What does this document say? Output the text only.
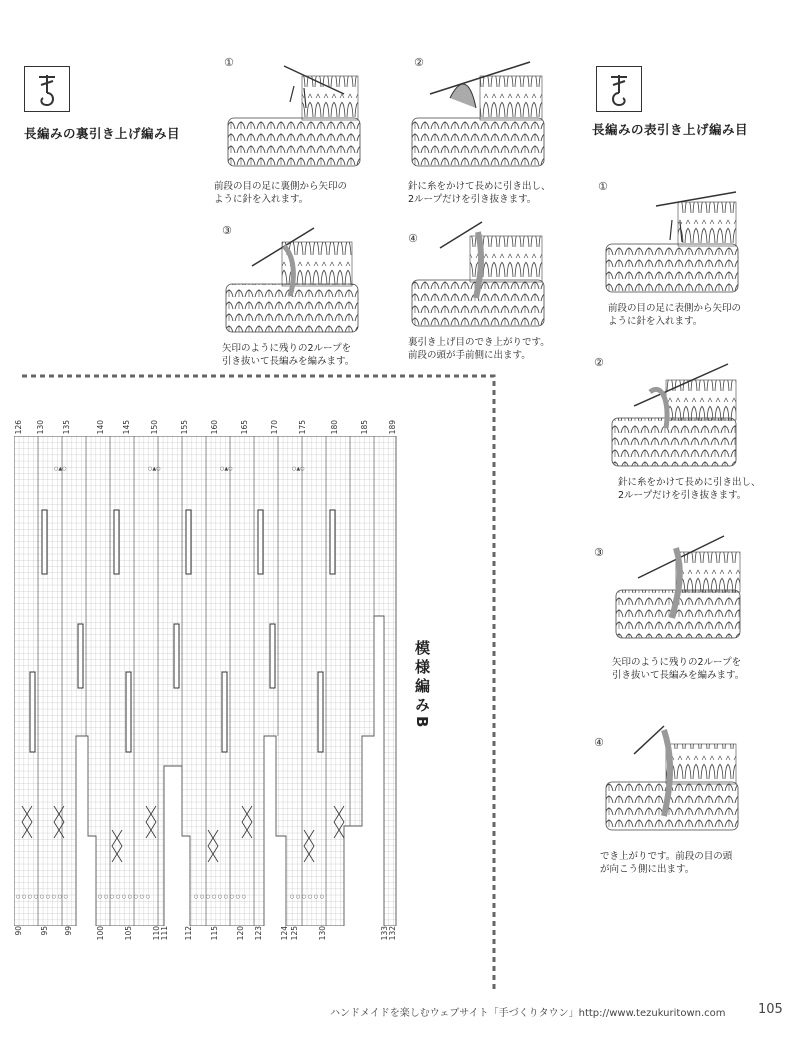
長編みの裏引き上げ編み目	長編みの表引き上げ編み目
①
前段の目の足に裏側から矢印の
ように針を入れます。
②
針に糸をかけて長めに引き出し、
2ループだけを引き抜きます。
③
矢印のように残りの2ループを
引き抜いて長編みを編みます。
④
裏引き上げ目のでき上がりです。
前段の頭が手前側に出ます。
①
前段の目の足に表側から矢印の
ように針を入れます。
②
針に糸をかけて長めに引き出し、
2ループだけを引き抜きます。
③
矢印のように残りの2ループを
引き抜いて長編みを編みます。
④
でき上がりです。前段の目の頭
が向こう側に出ます。
126 130 135	140 145	150	155	160	165	170	175	180	185	189
90 95 99	100	105	110 111 112 115 120 123 124 125	130	133 132
○▲○	○▲○	○▲○	○▲○
○ ○ ○ ○ ○ ○ ○ ○ ○	○ ○ ○ ○ ○ ○ ○ ○ ○	○ ○ ○ ○ ○ ○ ○ ○ ○	○ ○ ○ ○ ○ ○
模様編みB
ハンドメイドを楽しむウェブサイト「手づくりタウン」http://www.tezukuritown.com	105
